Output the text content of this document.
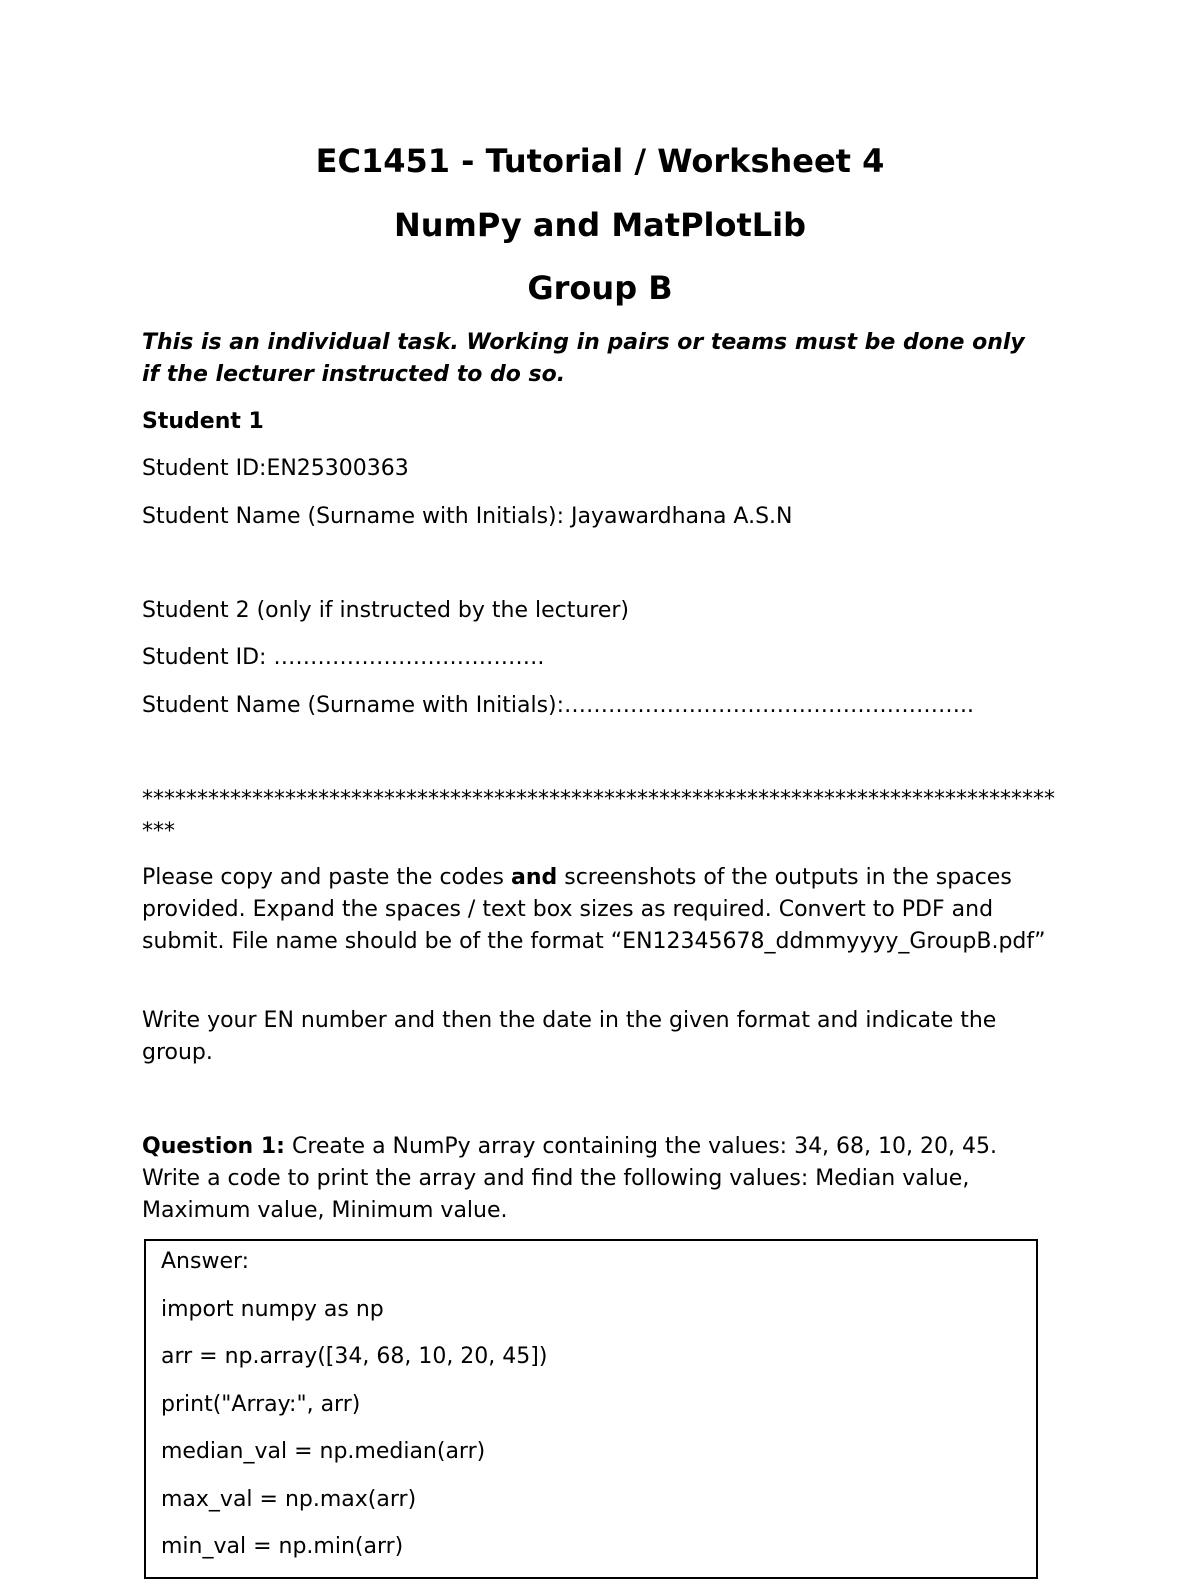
EC1451 - Tutorial / Worksheet 4

NumPy and MatPlotLib

Group B

This is an individual task. Working in pairs or teams must be done only if the lecturer instructed to do so.

Student 1

Student ID:EN25300363

Student Name (Surname with Initials): Jayawardhana A.S.N

Student 2 (only if instructed by the lecturer)

Student ID: ……………………………….

Student Name (Surname with Initials):………………………………………………..

**************************************************************************************

Please copy and paste the codes and screenshots of the outputs in the spaces provided. Expand the spaces / text box sizes as required. Convert to PDF and submit. File name should be of the format “EN12345678_ddmmyyyy_GroupB.pdf”

Write your EN number and then the date in the given format and indicate the group.

Question 1: Create a NumPy array containing the values: 34, 68, 10, 20, 45. Write a code to print the array and find the following values: Median value, Maximum value, Minimum value.

Answer:

import numpy as np

arr = np.array([34, 68, 10, 20, 45])

print("Array:", arr)

median_val = np.median(arr)

max_val = np.max(arr)

min_val = np.min(arr)
